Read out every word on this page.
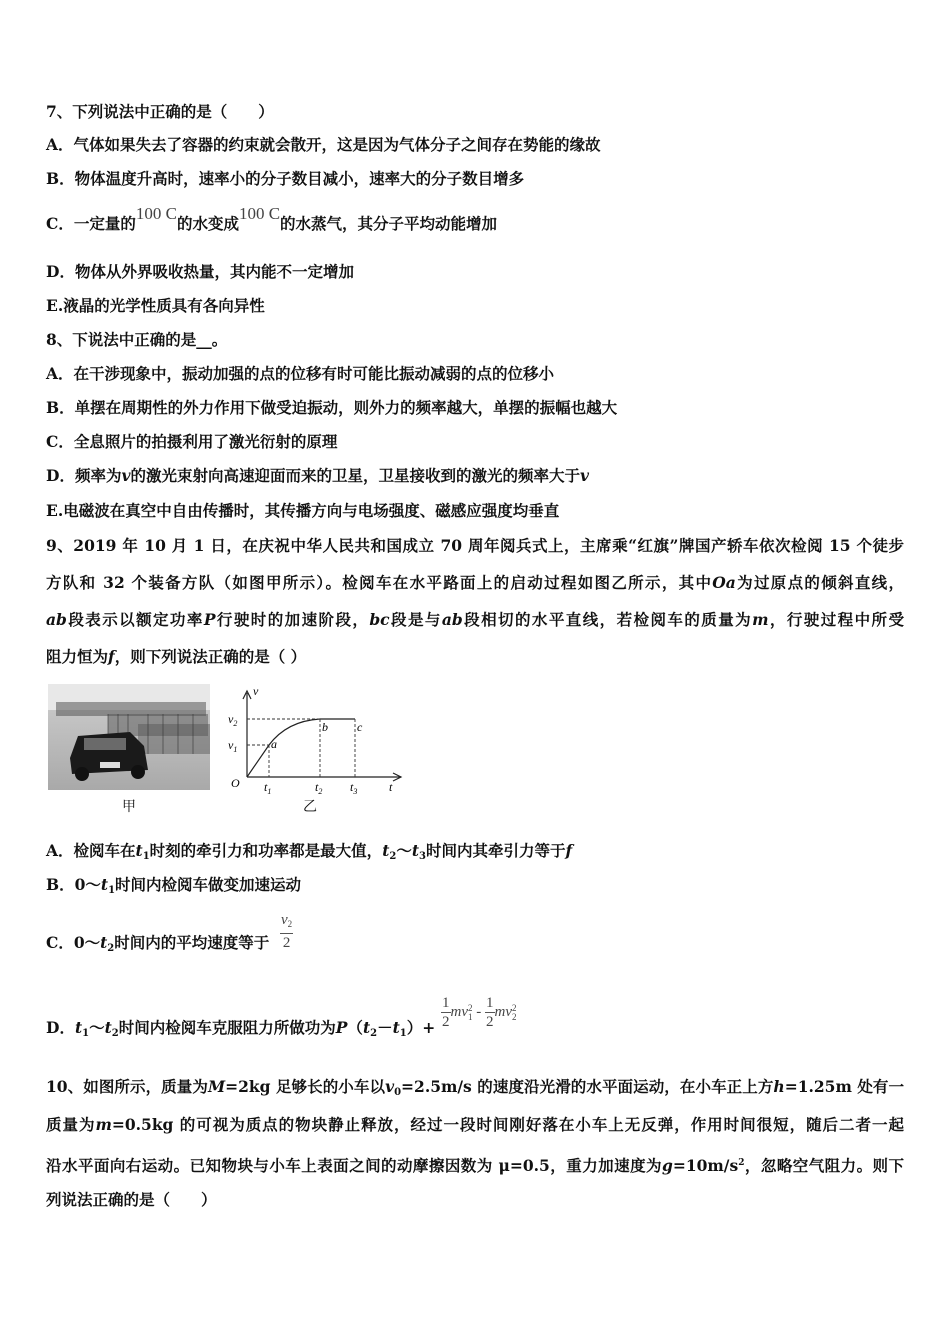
7、下列说法中正确的是（　　）
A．气体如果失去了容器的约束就会散开，这是因为气体分子之间存在势能的缘故
B．物体温度升高时，速率小的分子数目减小，速率大的分子数目增多
C．一定量的100 C的水变成100 C的水蒸气，其分子平均动能增加
D．物体从外界吸收热量，其内能不一定增加
E.液晶的光学性质具有各向异性
8、下说法中正确的是__。
A．在干涉现象中，振动加强的点的位移有时可能比振动减弱的点的位移小
B．单摆在周期性的外力作用下做受迫振动，则外力的频率越大，单摆的振幅也越大
C．全息照片的拍摄利用了激光衍射的原理
D．频率为v的激光束射向高速迎面而来的卫星，卫星接收到的激光的频率大于v
E.电磁波在真空中自由传播时，其传播方向与电场强度、磁感应强度均垂直
9、2019 年 10 月 1 日，在庆祝中华人民共和国成立 70 周年阅兵式上，主席乘“红旗”牌国产轿车依次检阅 15 个徒步
方队和 32 个装备方队（如图甲所示）。检阅车在水平路面上的启动过程如图乙所示，其中Oa为过原点的倾斜直线，
ab段表示以额定功率P行驶时的加速阶段，bc段是与ab段相切的水平直线，若检阅车的质量为m，行驶过程中所受
阻力恒为f，则下列说法正确的是（ ）
甲
v
$v_2$
$v_1$
O
a
b c
$t_1$	$t_2$ $t_3$	t
乙
A．检阅车在$t_1$时刻的牵引力和功率都是最大值，$t_2\sim t_3$时间内其牵引力等于f
B．$0\sim t_1$时间内检阅车做变加速运动
C．$0\sim t_2$时间内的平均速度等于 $\frac{v_2}{2}$
D．$t_1\sim t_2$时间内检阅车克服阻力所做功为$P(t_2-t_1)+ \frac{1}{2}$ mv 2
$1 - \frac{1}{2}$ mv 2
2
10、如图所示，质量为M=2kg 足够长的小车以$v_0=2.5m/s$ 的速度沿光滑的水平面运动，在小车正上方h=1.25m 处有一
质量为m=0.5kg 的可视为质点的物块静止释放，经过一段时间刚好落在小车上无反弹，作用时间很短，随后二者一起
沿水平面向右运动。已知物块与小车上表面之间的动摩擦因数为 μ=0.5，重力加速度为$g=10m/s^2$，忽略空气阻力。则下
列说法正确的是（　　）
